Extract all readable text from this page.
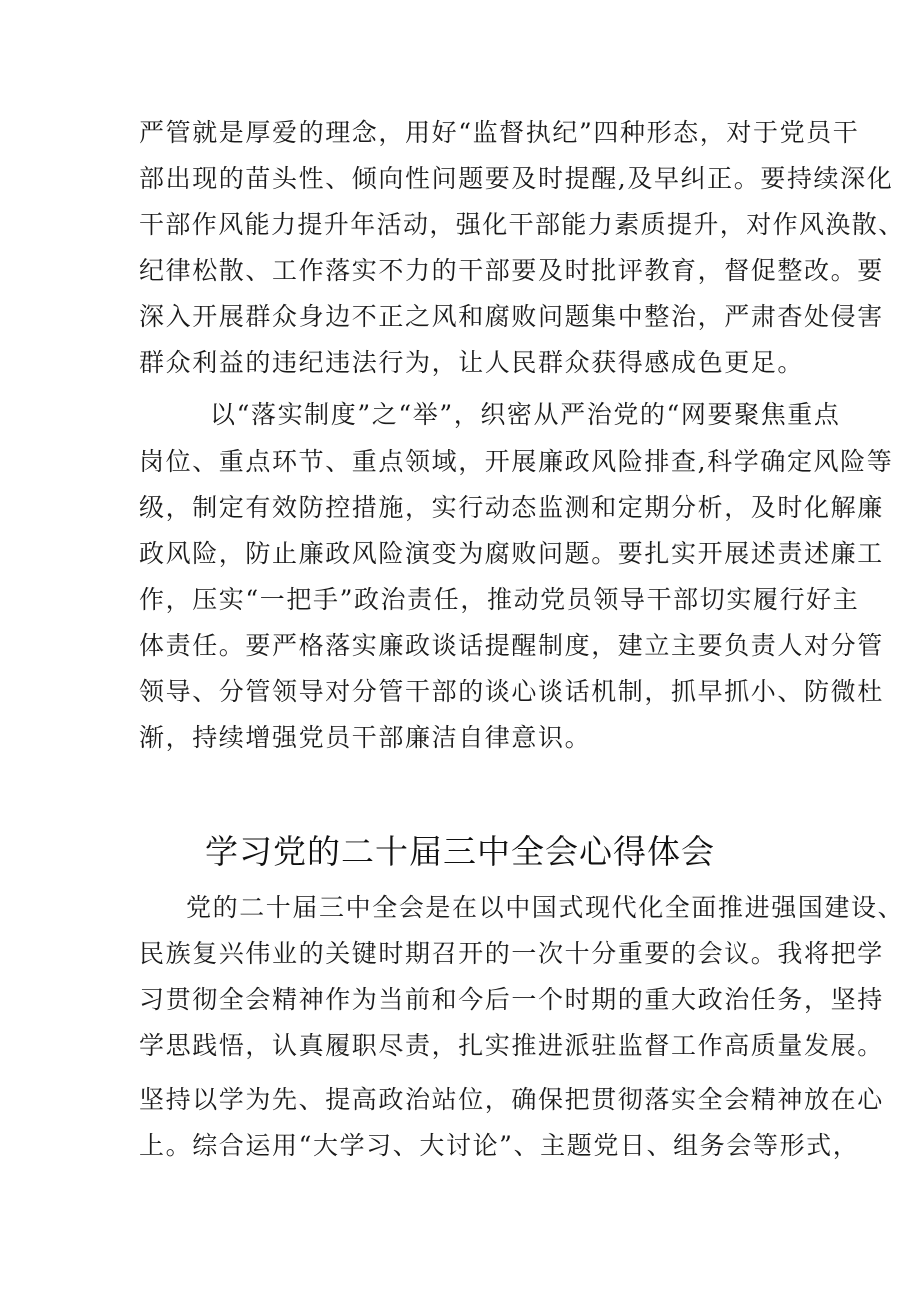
严管就是厚爱的理念，用好“监督执纪”四种形态，对于党员干
部出现的苗头性、倾向性问题要及时提醒,及早纠正。要持续深化
干部作风能力提升年活动，强化干部能力素质提升，对作风涣散、
纪律松散、工作落实不力的干部要及时批评教育，督促整改。要
深入开展群众身边不正之风和腐败问题集中整治，严肃杳处侵害
群众利益的违纪违法行为，让人民群众获得感成色更足。
以“落实制度”之“举”，织密从严治党的“网要聚焦重点
岗位、重点环节、重点领域，开展廉政风险排查,科学确定风险等
级，制定有效防控措施，实行动态监测和定期分析，及时化解廉
政风险，防止廉政风险演变为腐败问题。要扎实开展述责述廉工
作，压实“一把手”政治责任，推动党员领导干部切实履行好主
体责任。要严格落实廉政谈话提醒制度，建立主要负责人对分管
领导、分管领导对分管干部的谈心谈话机制，抓早抓小、防微杜
渐，持续增强党员干部廉洁自律意识。
学习党的二十届三中全会心得体会
党的二十届三中全会是在以中国式现代化全面推进强国建设、
民族复兴伟业的关键时期召开的一次十分重要的会议。我将把学
习贯彻全会精神作为当前和今后一个时期的重大政治任务，坚持
学思践悟，认真履职尽责，扎实推进派驻监督工作高质量发展。
坚持以学为先、提高政治站位，确保把贯彻落实全会精神放在心
上。综合运用“大学习、大讨论”、主题党日、组务会等形式，
